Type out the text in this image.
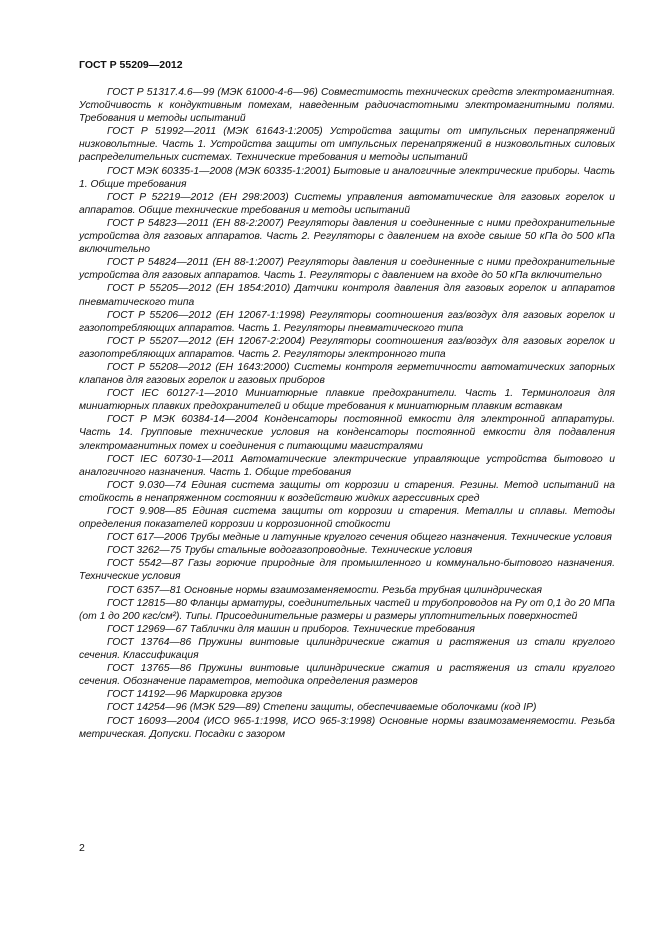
ГОСТ Р 55209—2012

ГОСТ Р 51317.4.6—99 (МЭК 61000-4-6—96) Совместимость технических средств электромагнитная. Устойчивость к кондуктивным помехам, наведенным радиочастотными электромагнитными полями. Требования и методы испытаний

ГОСТ Р 51992—2011 (МЭК 61643-1:2005) Устройства защиты от импульсных перенапряжений низковольтные. Часть 1. Устройства защиты от импульсных перенапряжений в низковольтных силовых распределительных системах. Технические требования и методы испытаний

ГОСТ МЭК 60335-1—2008 (МЭК 60335-1:2001) Бытовые и аналогичные электрические приборы. Часть 1. Общие требования

ГОСТ Р 52219—2012 (ЕН 298:2003) Системы управления автоматические для газовых горелок и аппаратов. Общие технические требования и методы испытаний

ГОСТ Р 54823—2011 (ЕН 88-2:2007) Регуляторы давления и соединенные с ними предохранительные устройства для газовых аппаратов. Часть 2. Регуляторы с давлением на входе свыше 50 кПа до 500 кПа включительно

ГОСТ Р 54824—2011 (ЕН 88-1:2007) Регуляторы давления и соединенные с ними предохранительные устройства для газовых аппаратов. Часть 1. Регуляторы с давлением на входе до 50 кПа включительно

ГОСТ Р 55205—2012 (ЕН 1854:2010) Датчики контроля давления для газовых горелок и аппаратов пневматического типа

ГОСТ Р 55206—2012 (ЕН 12067-1:1998) Регуляторы соотношения газ/воздух для газовых горелок и газопотребляющих аппаратов. Часть 1. Регуляторы пневматического типа

ГОСТ Р 55207—2012 (ЕН 12067-2:2004) Регуляторы соотношения газ/воздух для газовых горелок и газопотребляющих аппаратов. Часть 2. Регуляторы электронного типа

ГОСТ Р 55208—2012 (ЕН 1643:2000) Системы контроля герметичности автоматических запорных клапанов для газовых горелок и газовых приборов

ГОСТ IEC 60127-1—2010 Миниатюрные плавкие предохранители. Часть 1. Терминология для миниатюрных плавких предохранителей и общие требования к миниатюрным плавким вставкам

ГОСТ Р МЭК 60384-14—2004 Конденсаторы постоянной емкости для электронной аппаратуры. Часть 14. Групповые технические условия на конденсаторы постоянной емкости для подавления электромагнитных помех и соединения с питающими магистралями

ГОСТ IEC 60730-1—2011 Автоматические электрические управляющие устройства бытового и аналогичного назначения. Часть 1. Общие требования

ГОСТ 9.030—74 Единая система защиты от коррозии и старения. Резины. Метод испытаний на стойкость в ненапряженном состоянии к воздействию жидких агрессивных сред

ГОСТ 9.908—85 Единая система защиты от коррозии и старения. Металлы и сплавы. Методы определения показателей коррозии и коррозионной стойкости

ГОСТ 617—2006 Трубы медные и латунные круглого сечения общего назначения. Технические условия

ГОСТ 3262—75 Трубы стальные водогазопроводные. Технические условия

ГОСТ 5542—87 Газы горючие природные для промышленного и коммунально-бытового назначения. Технические условия

ГОСТ 6357—81 Основные нормы взаимозаменяемости. Резьба трубная цилиндрическая

ГОСТ 12815—80 Фланцы арматуры, соединительных частей и трубопроводов на Pу от 0,1 до 20 МПа (от 1 до 200 кгс/см²). Типы. Присоединительные размеры и размеры уплотнительных поверхностей

ГОСТ 12969—67 Таблички для машин и приборов. Технические требования

ГОСТ 13764—86 Пружины винтовые цилиндрические сжатия и растяжения из стали круглого сечения. Классификация

ГОСТ 13765—86 Пружины винтовые цилиндрические сжатия и растяжения из стали круглого сечения. Обозначение параметров, методика определения размеров

ГОСТ 14192—96 Маркировка грузов

ГОСТ 14254—96 (МЭК 529—89) Степени защиты, обеспечиваемые оболочками (код IP)

ГОСТ 16093—2004 (ИСО 965-1:1998, ИСО 965-3:1998) Основные нормы взаимозаменяемости. Резьба метрическая. Допуски. Посадки с зазором

2
